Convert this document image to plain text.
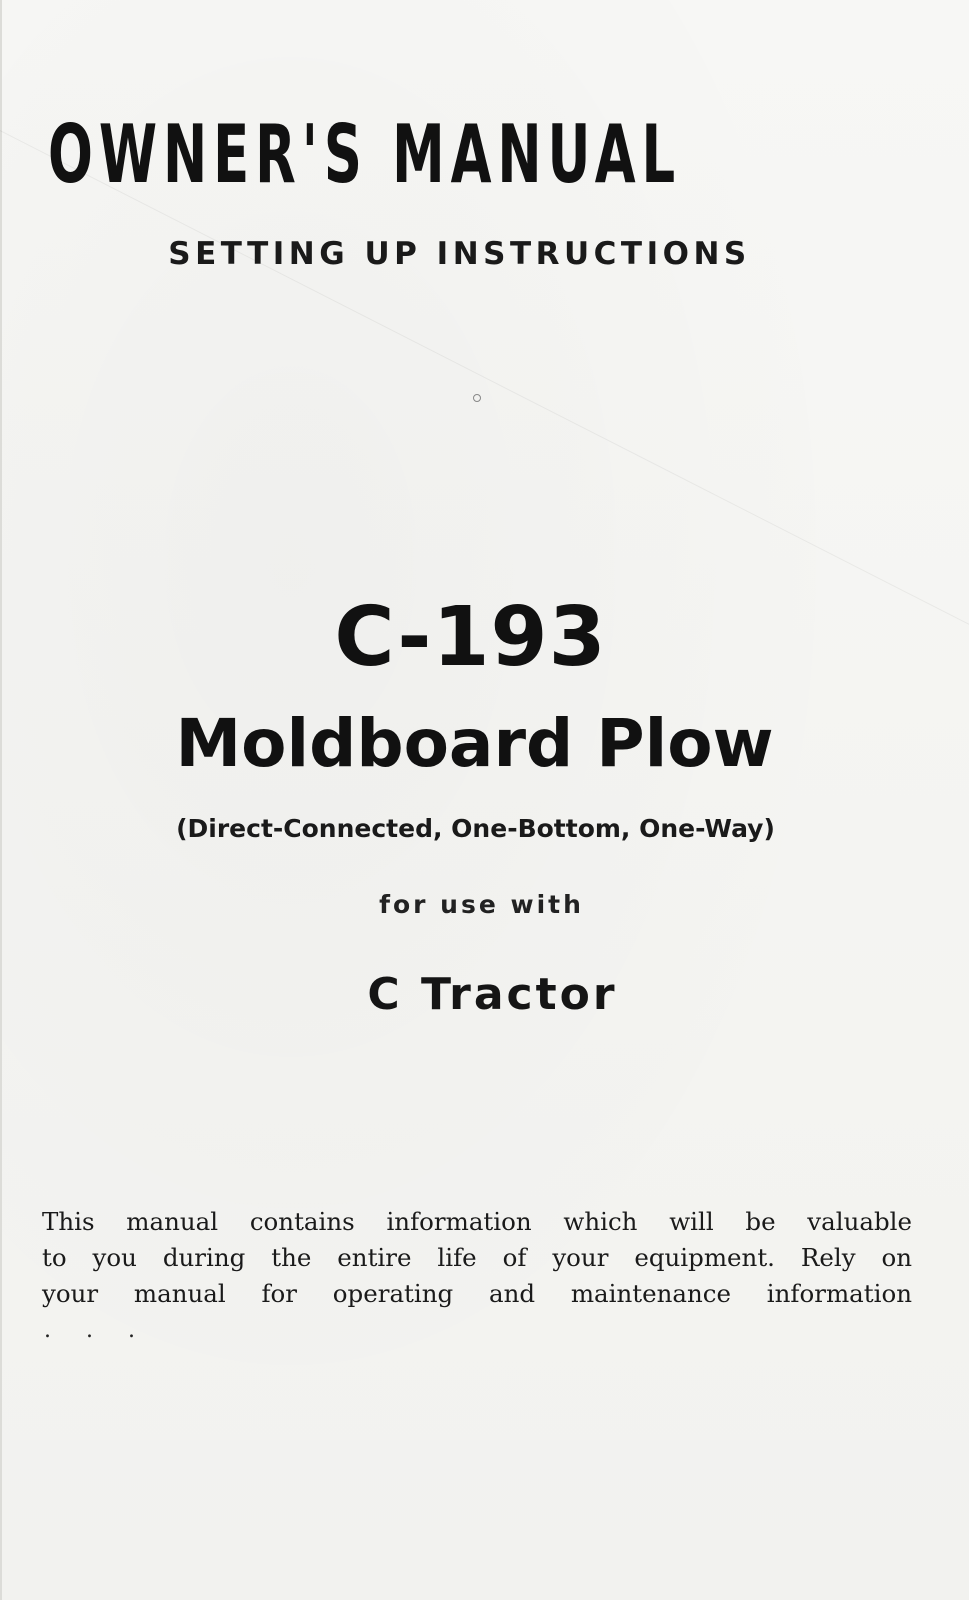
OWNER'S MANUAL
SETTING UP INSTRUCTIONS
C-193
Moldboard Plow

(Direct-Connected, One-Bottom, One-Way)

for use with

C Tractor

This manual contains information which will be valuable
to you during the entire life of your equipment. Rely on
your manual for operating and maintenance information

. . .
